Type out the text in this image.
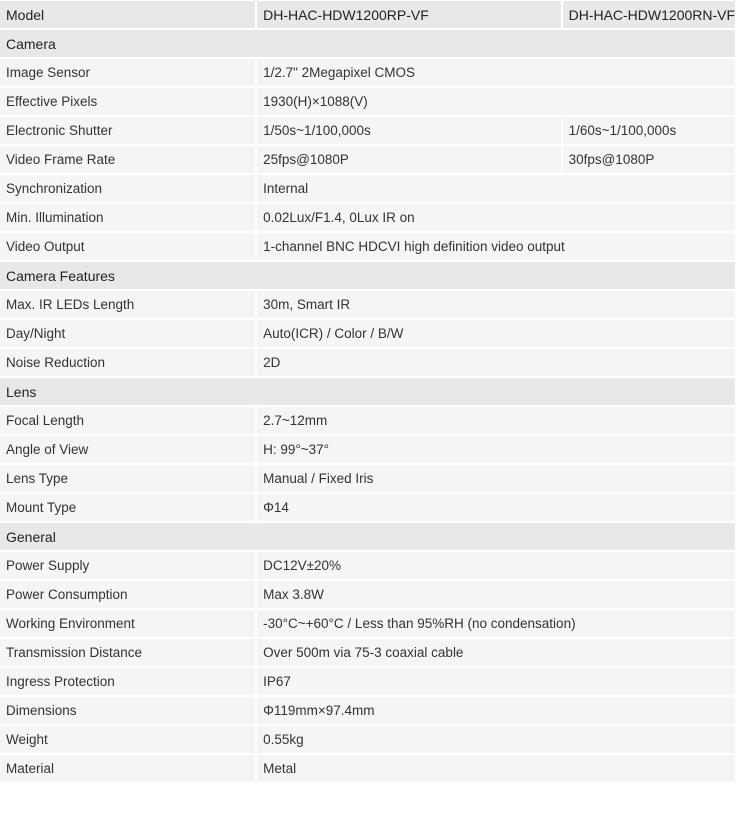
Model	DH-HAC-HDW1200RP-VF	DH-HAC-HDW1200RN-VF
Camera		
Image Sensor	1/2.7" 2Megapixel CMOS	
Effective Pixels	1930(H)×1088(V)	
Electronic Shutter	1/50s~1/100,000s	1/60s~1/100,000s
Video Frame Rate	25fps@1080P	30fps@1080P
Synchronization	Internal	
Min. Illumination	0.02Lux/F1.4, 0Lux IR on	
Video Output	1-channel BNC HDCVI high definition video output	
Camera Features		
Max. IR LEDs Length	30m, Smart IR	
Day/Night	Auto(ICR) / Color / B/W	
Noise Reduction	2D	
Lens		
Focal Length	2.7~12mm	
Angle of View	H: 99°~37°	
Lens Type	Manual / Fixed Iris	
Mount Type	Φ14	
General		
Power Supply	DC12V±20%	
Power Consumption	Max 3.8W	
Working Environment	-30°C~+60°C / Less than 95%RH (no condensation)	
Transmission Distance	Over 500m via 75-3 coaxial cable	
Ingress Protection	IP67	
Dimensions	Φ119mm×97.4mm	
Weight	0.55kg	
Material	Metal	
